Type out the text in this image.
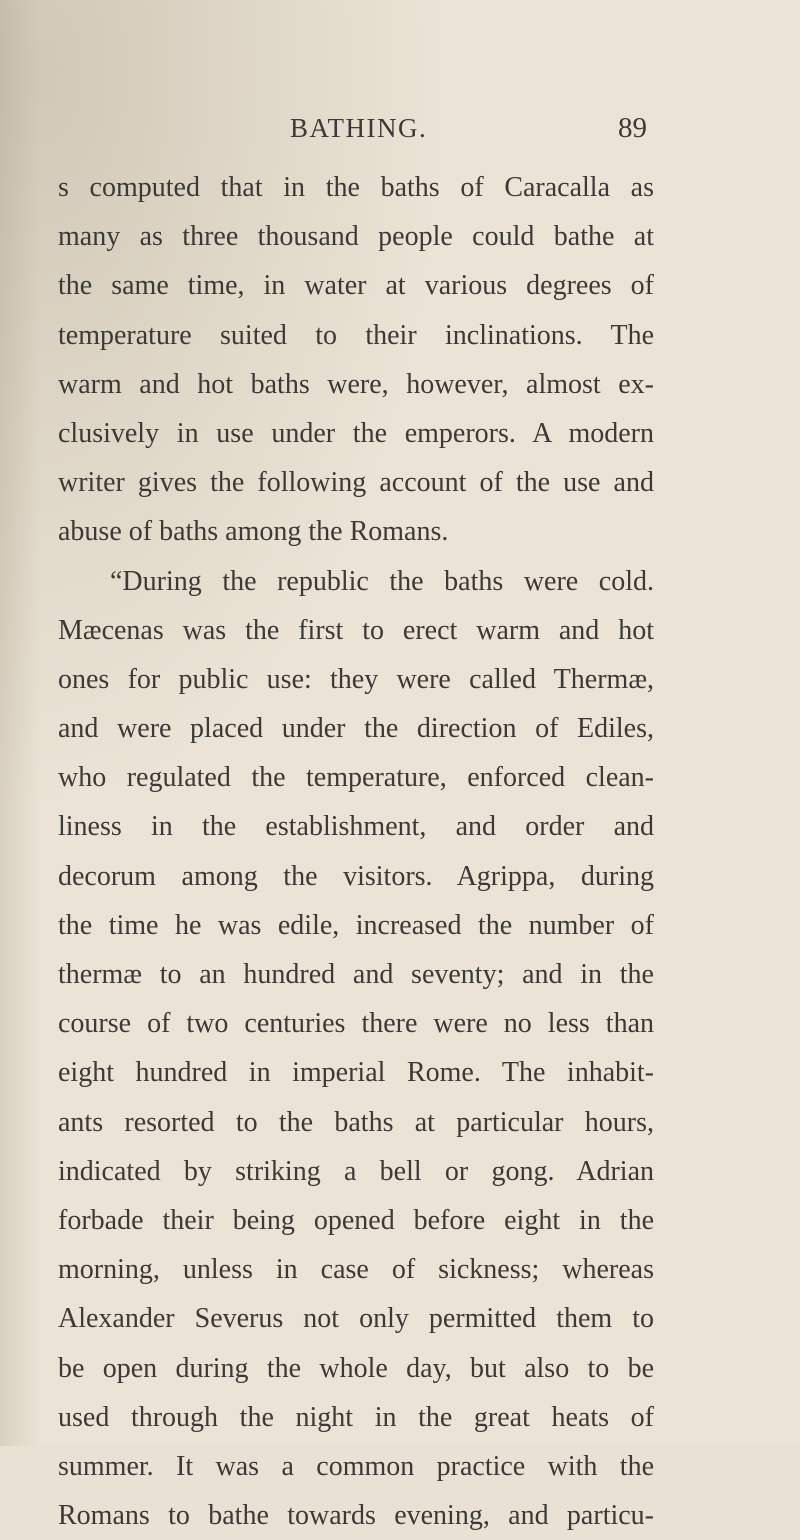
BATHING.	89
s computed that in the baths of Caracalla as
many as three thousand people could bathe at
the same time, in water at various degrees of
temperature suited to their inclinations. The
warm and hot baths were, however, almost ex-
clusively in use under the emperors. A modern
writer gives the following account of the use and
abuse of baths among the Romans.
“During the republic the baths were cold.
Mæcenas was the first to erect warm and hot
ones for public use: they were called Thermæ,
and were placed under the direction of Ediles,
who regulated the temperature, enforced clean-
liness in the establishment, and order and
decorum among the visitors. Agrippa, during
the time he was edile, increased the number of
thermæ to an hundred and seventy; and in the
course of two centuries there were no less than
eight hundred in imperial Rome. The inhabit-
ants resorted to the baths at particular hours,
indicated by striking a bell or gong. Adrian
forbade their being opened before eight in the
morning, unless in case of sickness; whereas
Alexander Severus not only permitted them to
be open during the whole day, but also to be
used through the night in the great heats of
summer. It was a common practice with the
Romans to bathe towards evening, and particu-
